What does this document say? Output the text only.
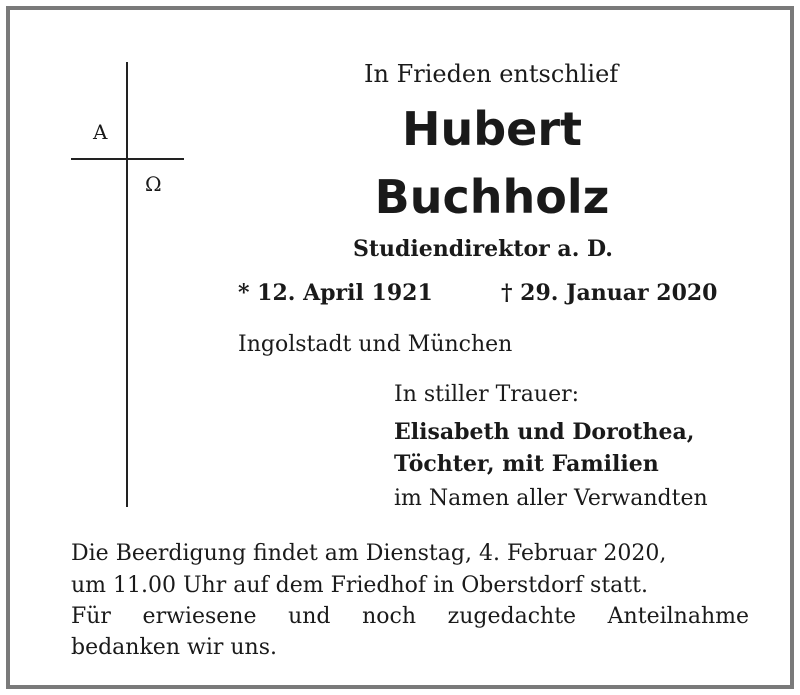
A
Ω
In Frieden entschlief
Hubert
Buchholz
Studiendirektor a. D.
* 12. April 1921	† 29. Januar 2020
Ingolstadt und München
In stiller Trauer:
Elisabeth und Dorothea,
Töchter, mit Familien
im Namen aller Verwandten
Die Beerdigung findet am Dienstag, 4. Februar 2020,
um 11.00 Uhr auf dem Friedhof in Oberstdorf statt.
Für erwiesene und noch zugedachte Anteilnahme
bedanken wir uns.
